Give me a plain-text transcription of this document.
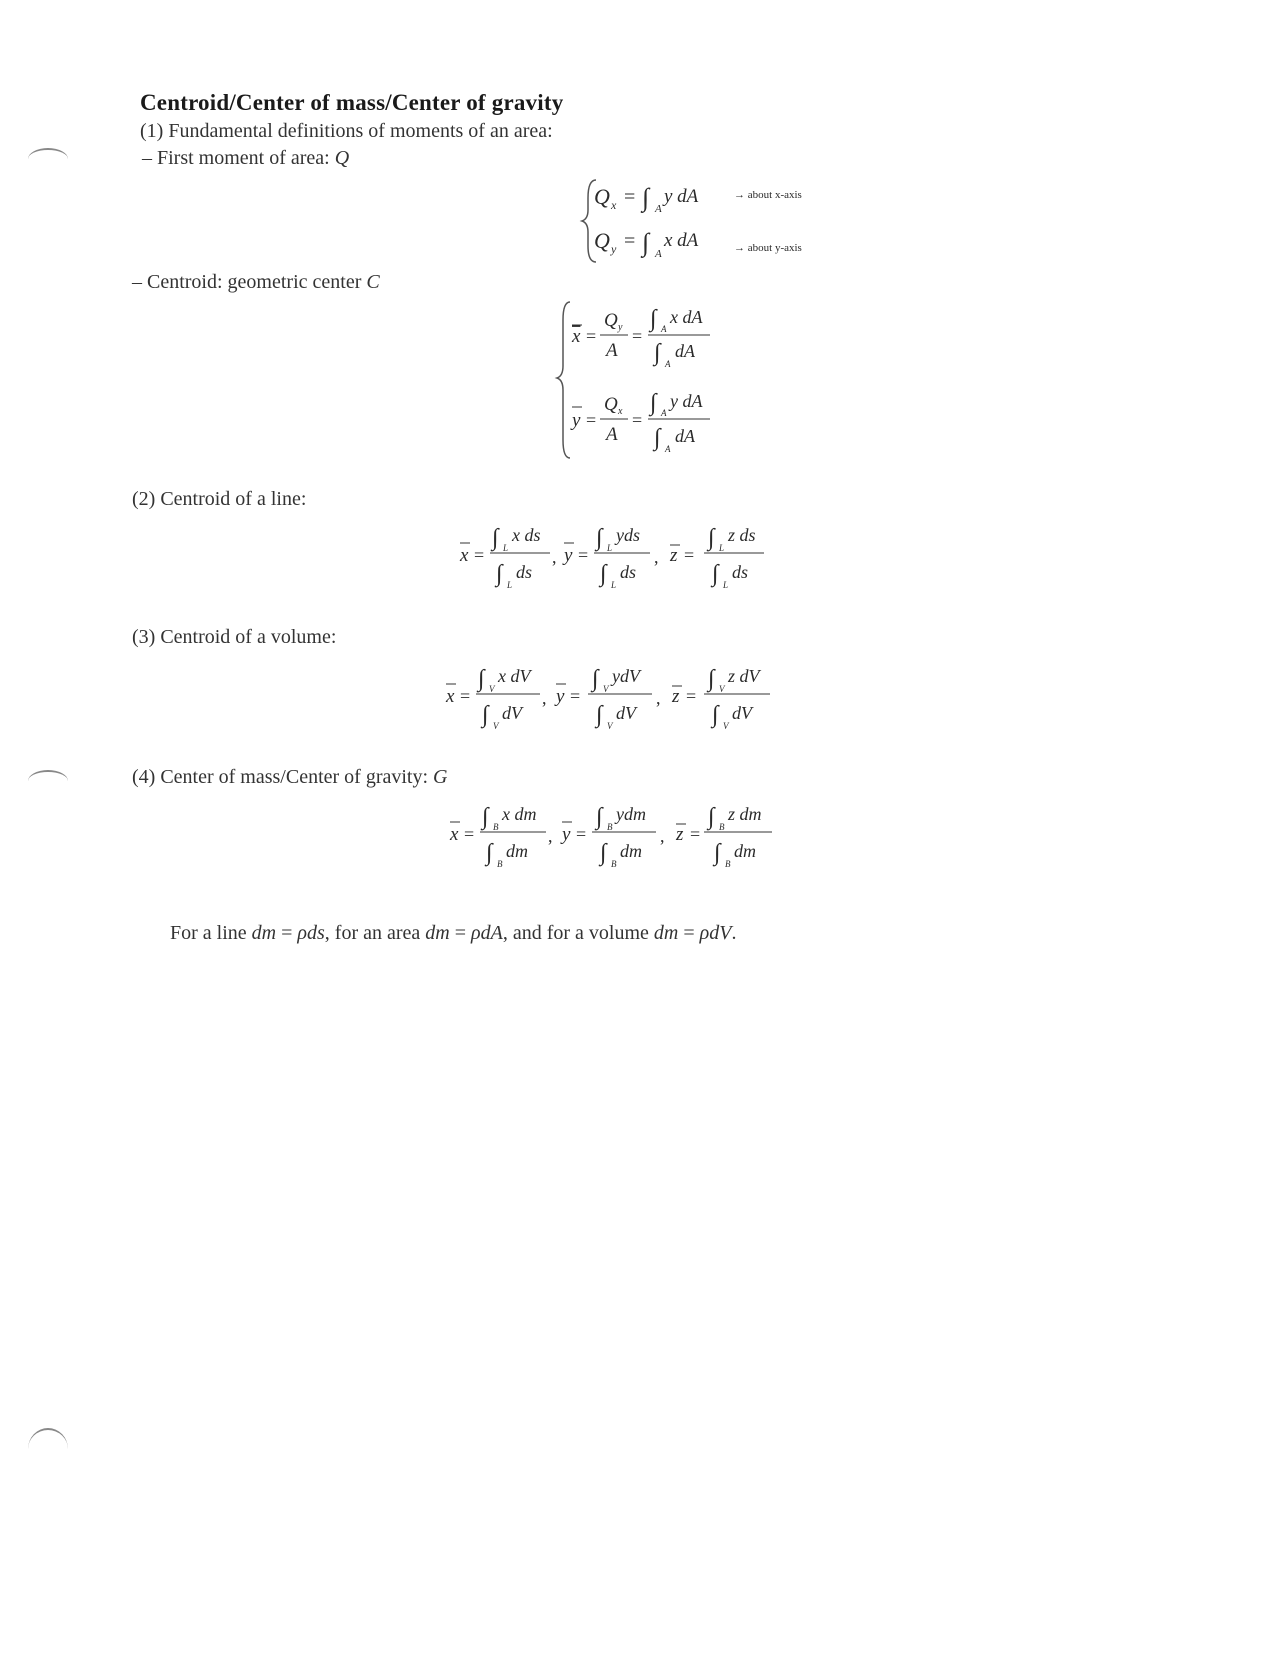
Centroid/Center of mass/Center of gravity
(1) Fundamental definitions of moments of an area:
– First moment of area: Q
Q x = ∫ A
y dA	→ about x-axis
Q y = ∫ A
x dA	→ about y-axis
– Centroid: geometric center C
x =
Q y
A
=
∫ A
x dA
∫ A
dA
y =
Q x
A
=
∫ A
y dA
∫ A
dA
(2) Centroid of a line:
x =
∫ L
x ds
∫ L
ds
, y =
∫ L
yds
∫ L
ds
, z =
∫ L
z ds
∫ L
ds
(3) Centroid of a volume:
x =
∫ V
x dV
∫ V
dV
, y =
∫ V
ydV
∫ V
dV
, z =
∫ V
z dV
∫ V
dV
(4) Center of mass/Center of gravity: G
x =
∫ B
x dm
∫ B
dm
, y =
∫ B
ydm
∫ B
dm
, z =
∫ B
z dm
∫ B
dm
For a line dm = ρds, for an area dm = ρdA, and for a volume dm = ρdV.
